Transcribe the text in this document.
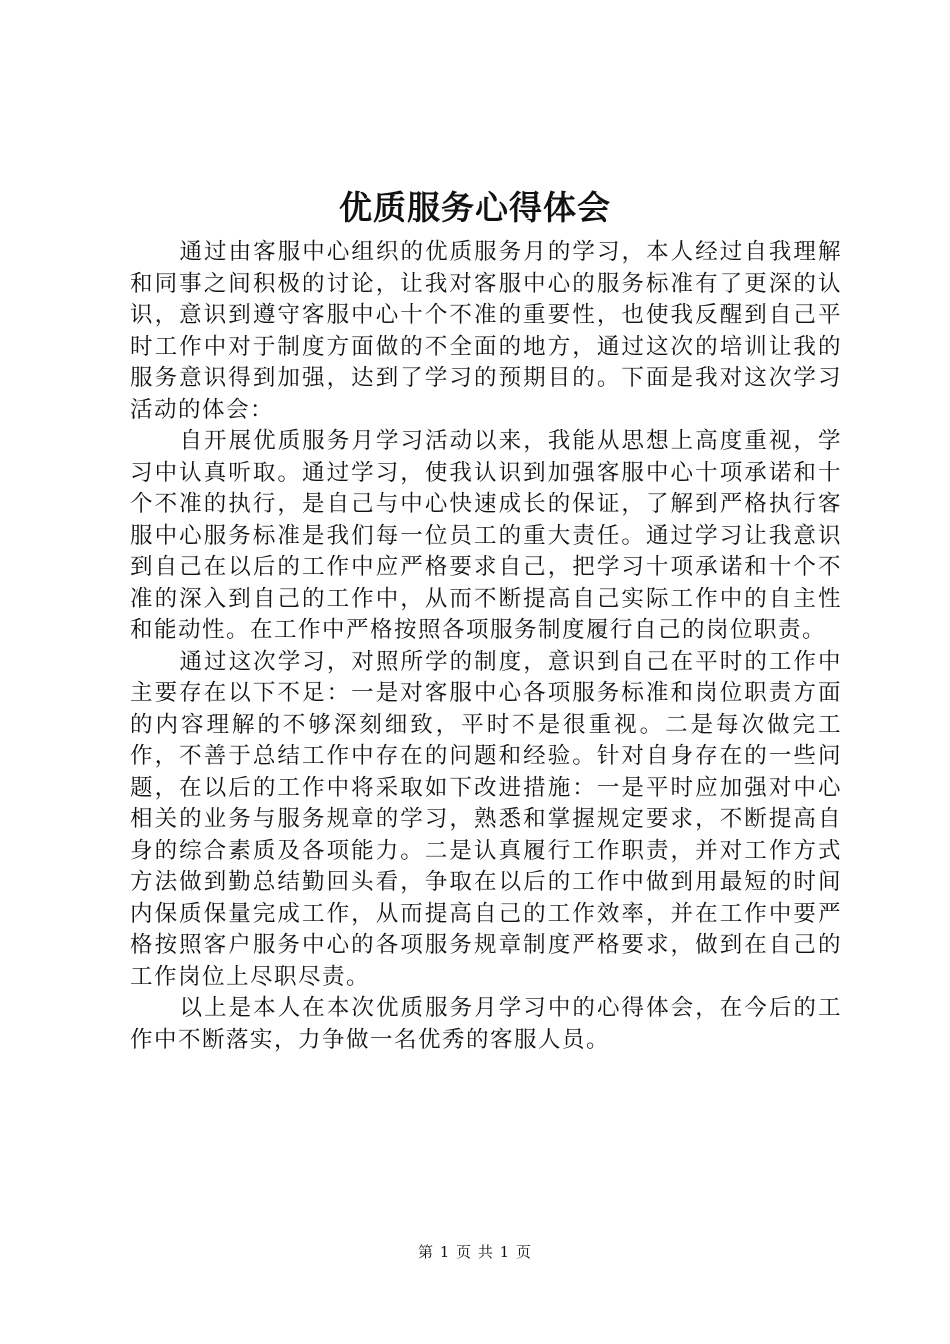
优质服务心得体会

通过由客服中心组织的优质服务月的学习，本人经过自我理解和同事之间积极的讨论，让我对客服中心的服务标准有了更深的认识，意识到遵守客服中心十个不准的重要性，也使我反醒到自己平时工作中对于制度方面做的不全面的地方，通过这次的培训让我的服务意识得到加强，达到了学习的预期目的。下面是我对这次学习活动的体会：

自开展优质服务月学习活动以来，我能从思想上高度重视，学习中认真听取。通过学习，使我认识到加强客服中心十项承诺和十个不准的执行，是自己与中心快速成长的保证，了解到严格执行客服中心服务标准是我们每一位员工的重大责任。通过学习让我意识到自己在以后的工作中应严格要求自己，把学习十项承诺和十个不准的深入到自己的工作中，从而不断提高自己实际工作中的自主性和能动性。在工作中严格按照各项服务制度履行自己的岗位职责。

通过这次学习，对照所学的制度，意识到自己在平时的工作中主要存在以下不足：一是对客服中心各项服务标准和岗位职责方面的内容理解的不够深刻细致，平时不是很重视。二是每次做完工作，不善于总结工作中存在的问题和经验。针对自身存在的一些问题，在以后的工作中将采取如下改进措施：一是平时应加强对中心相关的业务与服务规章的学习，熟悉和掌握规定要求，不断提高自身的综合素质及各项能力。二是认真履行工作职责，并对工作方式方法做到勤总结勤回头看，争取在以后的工作中做到用最短的时间内保质保量完成工作，从而提高自己的工作效率，并在工作中要严格按照客户服务中心的各项服务规章制度严格要求，做到在自己的工作岗位上尽职尽责。

以上是本人在本次优质服务月学习中的心得体会，在今后的工作中不断落实，力争做一名优秀的客服人员。

第 1 页 共 1 页
